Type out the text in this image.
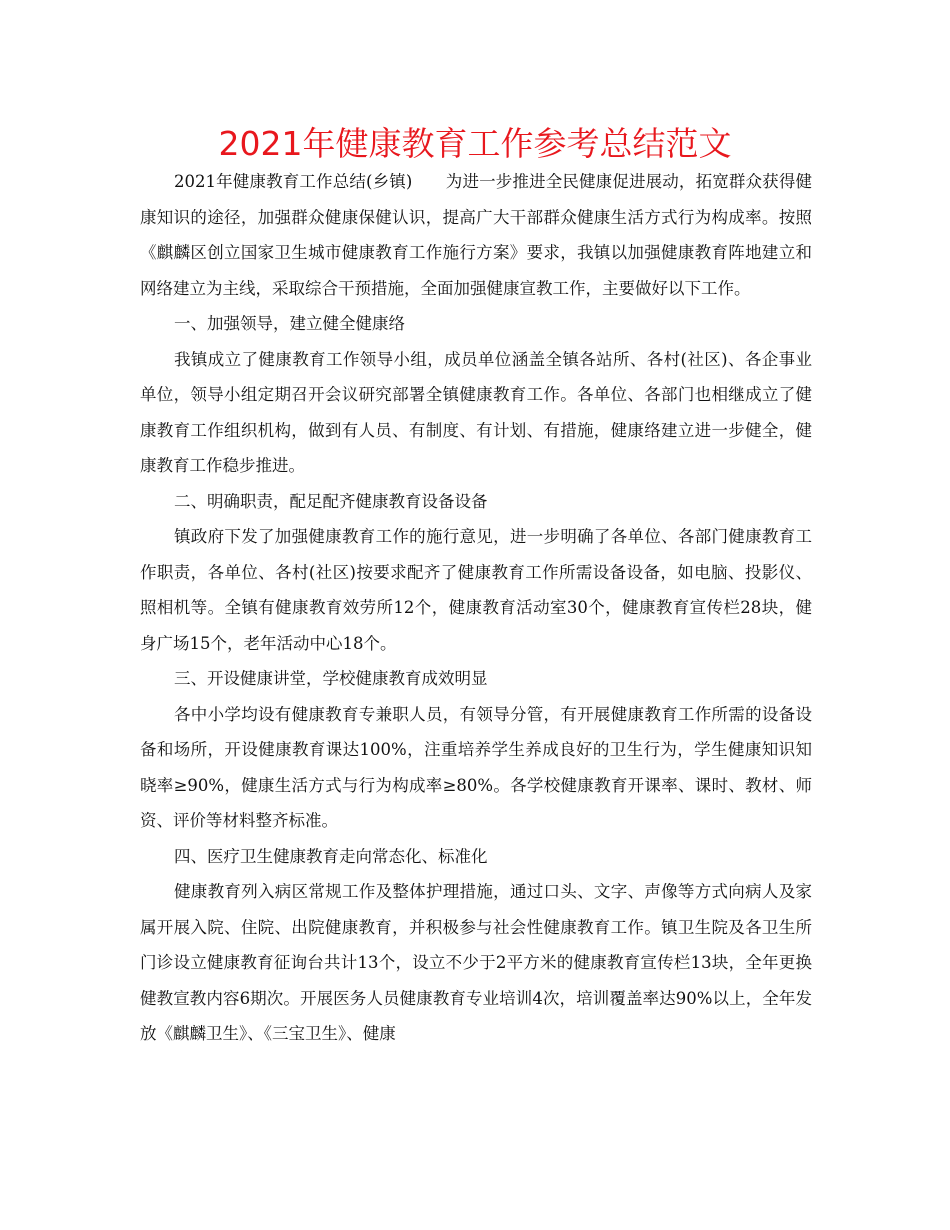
2021年健康教育工作参考总结范文

2021年健康教育工作总结(乡镇)　　为进一步推进全民健康促进展动，拓宽群众获得健康知识的途径，加强群众健康保健认识，提高广大干部群众健康生活方式行为构成率。按照《麒麟区创立国家卫生城市健康教育工作施行方案》要求，我镇以加强健康教育阵地建立和网络建立为主线，采取综合干预措施，全面加强健康宣教工作，主要做好以下工作。

一、加强领导，建立健全健康络

我镇成立了健康教育工作领导小组，成员单位涵盖全镇各站所、各村(社区)、各企事业单位，领导小组定期召开会议研究部署全镇健康教育工作。各单位、各部门也相继成立了健康教育工作组织机构，做到有人员、有制度、有计划、有措施，健康络建立进一步健全，健康教育工作稳步推进。

二、明确职责，配足配齐健康教育设备设备

镇政府下发了加强健康教育工作的施行意见，进一步明确了各单位、各部门健康教育工作职责，各单位、各村(社区)按要求配齐了健康教育工作所需设备设备，如电脑、投影仪、照相机等。全镇有健康教育效劳所12个，健康教育活动室30个，健康教育宣传栏28块，健身广场15个，老年活动中心18个。

三、开设健康讲堂，学校健康教育成效明显

各中小学均设有健康教育专兼职人员，有领导分管，有开展健康教育工作所需的设备设备和场所，开设健康教育课达100%，注重培养学生养成良好的卫生行为，学生健康知识知晓率≥90%，健康生活方式与行为构成率≥80%。各学校健康教育开课率、课时、教材、师资、评价等材料整齐标准。

四、医疗卫生健康教育走向常态化、标准化

健康教育列入病区常规工作及整体护理措施，通过口头、文字、声像等方式向病人及家属开展入院、住院、出院健康教育，并积极参与社会性健康教育工作。镇卫生院及各卫生所门诊设立健康教育征询台共计13个，设立不少于2平方米的健康教育宣传栏13块，全年更换健教宣教内容6期次。开展医务人员健康教育专业培训4次，培训覆盖率达90%以上，全年发放《麒麟卫生》、《三宝卫生》、健康
